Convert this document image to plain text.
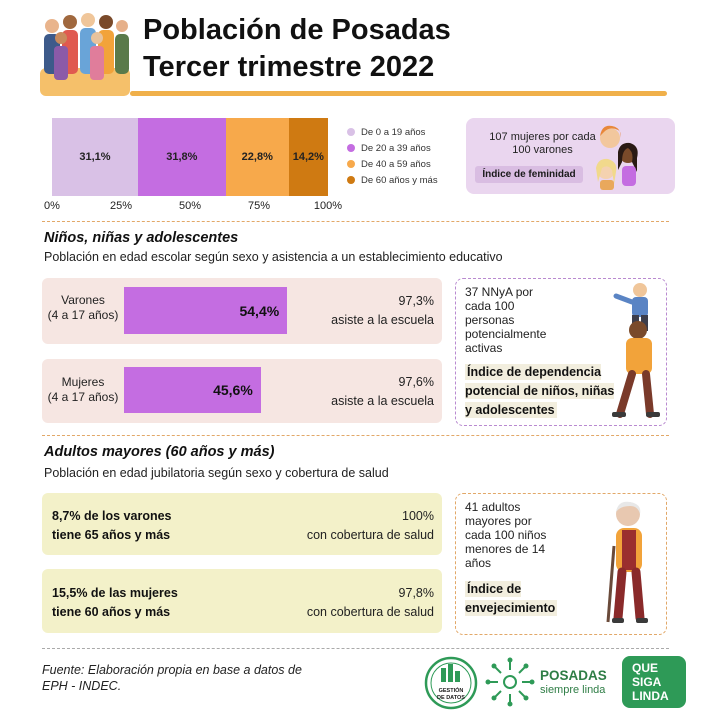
Población de Posadas
Tercer trimestre 2022
31,1%	31,8%	22,8%	14,2%
0%	25%	50%	75%	100%
De 0 a 19 años
De 20 a 39 años
De 40 a 59 años
De 60 años y más
107 mujeres por cada 100 varones
Índice de feminidad
Niños, niñas y adolescentes
Población en edad escolar según sexo y asistencia a un establecimiento educativo
Varones
(4 a 17 años)	54,4%
97,3%
asiste a la escuela
Mujeres
(4 a 17 años)	45,6%	97,6%
asiste a la escuela
37 NNyA por cada 100 personas potencialmente activas
Índice de dependencia potencial de niños, niñas y adolescentes
Adultos mayores (60 años y más)
Población en edad jubilatoria según sexo y cobertura de salud
8,7% de los varones
tiene 65 años y más
100%
con cobertura de salud
15,5% de las mujeres
tiene 60 años y más
97,8%
con cobertura de salud
41 adultos mayores por cada 100 niños menores de 14 años
Índice de envejecimiento
Fuente: Elaboración propia en base a datos de EPH - INDEC.	GESTIÓN
DE DATOS
POSADAS
siempre linda
QUE
SIGA
LINDA
